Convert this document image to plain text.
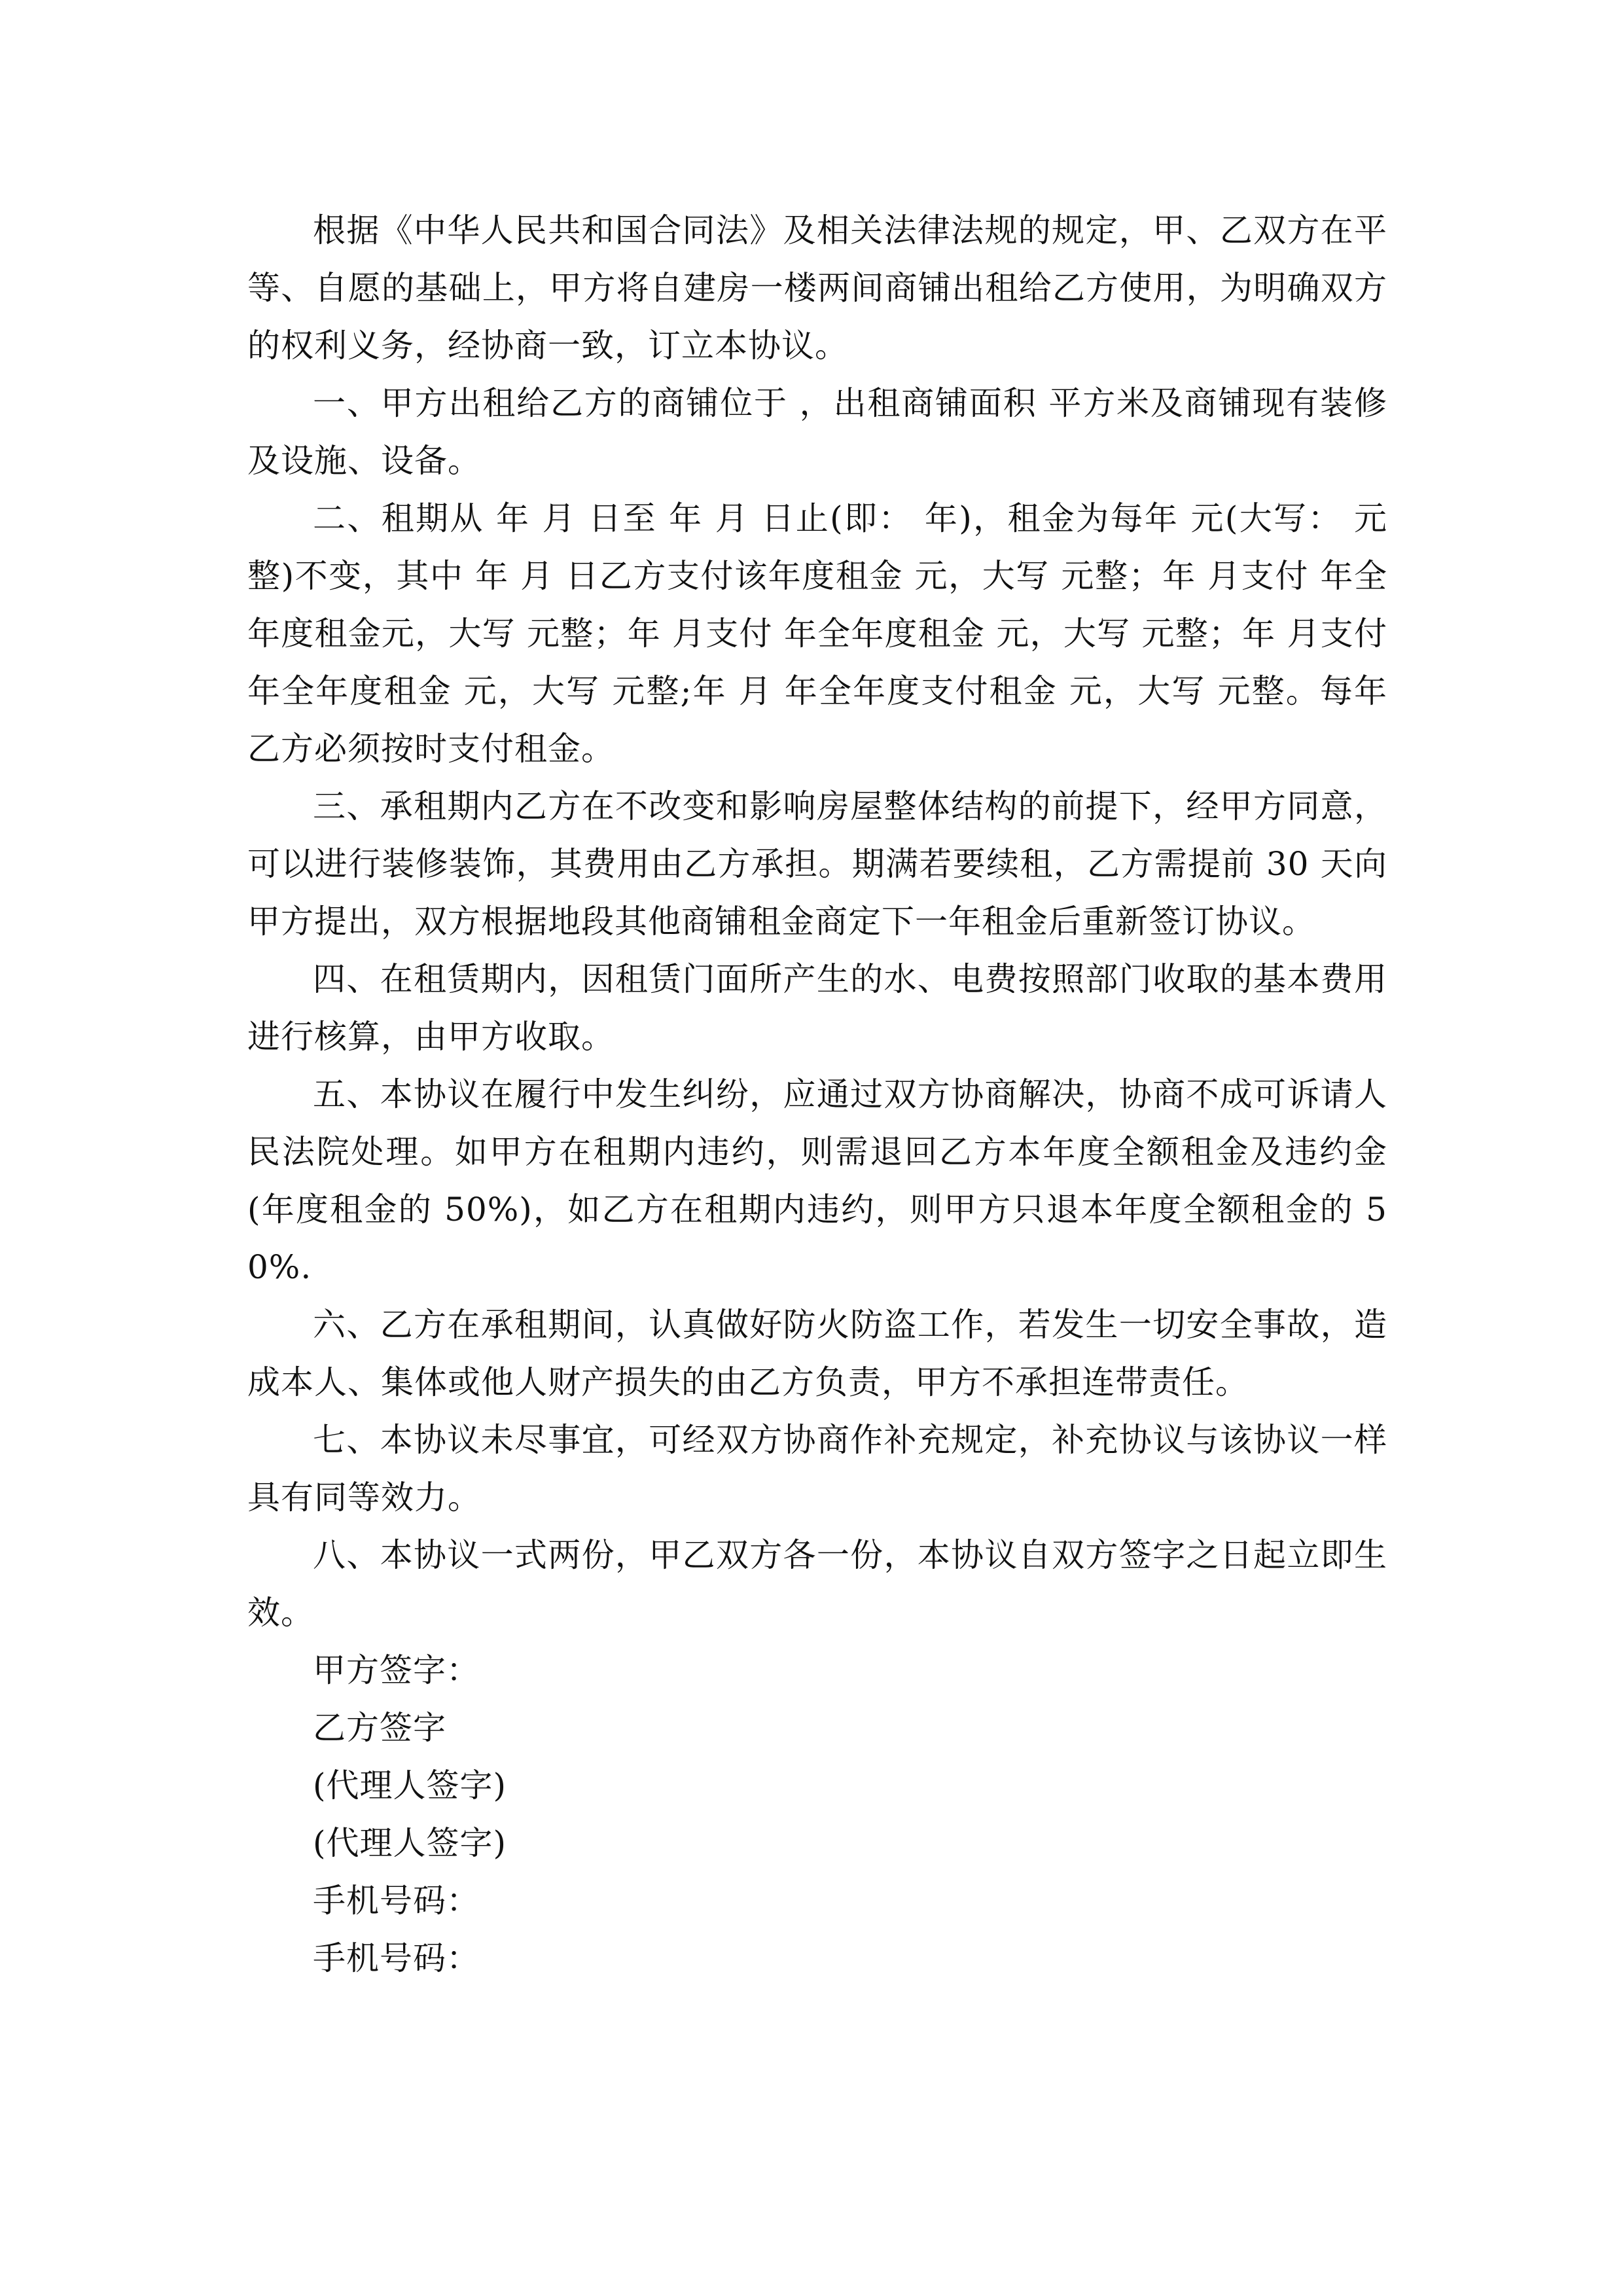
根据《中华人民共和国合同法》及相关法律法规的规定，甲、乙双方在平等、自愿的基础上，甲方将自建房一楼两间商铺出租给乙方使用，为明确双方的权利义务，经协商一致，订立本协议。

一、甲方出租给乙方的商铺位于 ，出租商铺面积 平方米及商铺现有装修及设施、设备。

二、租期从 年 月 日至 年 月 日止(即： 年)，租金为每年 元(大写： 元整)不变，其中 年 月 日乙方支付该年度租金 元，大写 元整；年 月支付 年全年度租金元，大写 元整；年 月支付 年全年度租金 元，大写 元整；年 月支付 年全年度租金 元，大写 元整;年 月 年全年度支付租金 元，大写 元整。每年乙方必须按时支付租金。

三、承租期内乙方在不改变和影响房屋整体结构的前提下，经甲方同意，可以进行装修装饰，其费用由乙方承担。期满若要续租，乙方需提前 30 天向甲方提出，双方根据地段其他商铺租金商定下一年租金后重新签订协议。

四、在租赁期内，因租赁门面所产生的水、电费按照部门收取的基本费用进行核算，由甲方收取。

五、本协议在履行中发生纠纷，应通过双方协商解决，协商不成可诉请人民法院处理。如甲方在租期内违约，则需退回乙方本年度全额租金及违约金(年度租金的 50%)，如乙方在租期内违约，则甲方只退本年度全额租金的 50%.

六、乙方在承租期间，认真做好防火防盗工作，若发生一切安全事故，造成本人、集体或他人财产损失的由乙方负责，甲方不承担连带责任。

七、本协议未尽事宜，可经双方协商作补充规定，补充协议与该协议一样具有同等效力。

八、本协议一式两份，甲乙双方各一份，本协议自双方签字之日起立即生效。

甲方签字：

乙方签字

(代理人签字)

(代理人签字)

手机号码：

手机号码：
